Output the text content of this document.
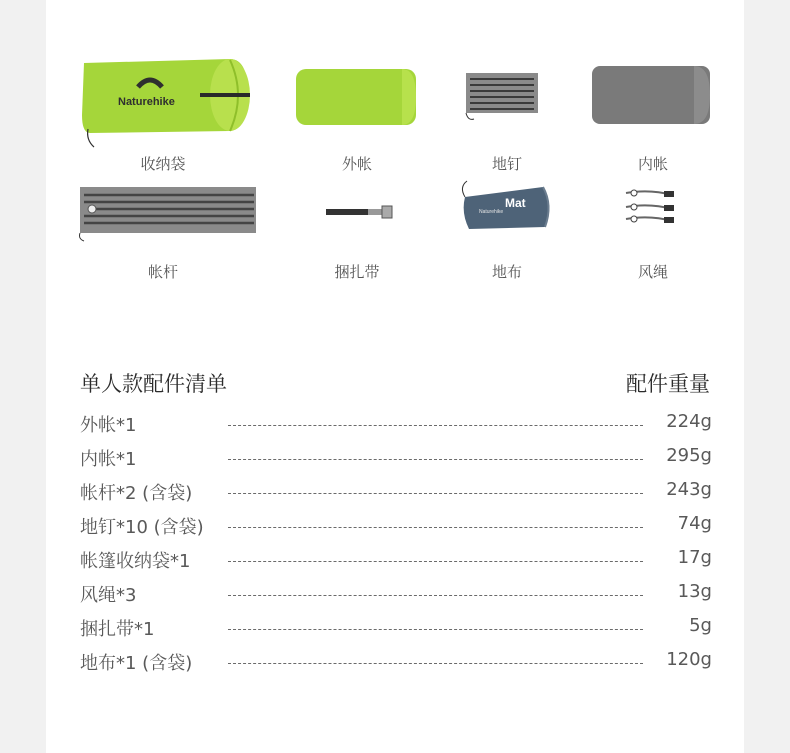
Naturehike
收纳袋	外帐	地钉	内帐
帐杆	捆扎带
Mat
Naturehike
地布	风绳
单人款配件清单	配件重量
外帐*1	224g
内帐*1	295g
帐杆*2 (含袋)	243g
地钉*10 (含袋)	74g
帐篷收纳袋*1	17g
风绳*3	13g
捆扎带*1	5g
地布*1 (含袋)	120g
